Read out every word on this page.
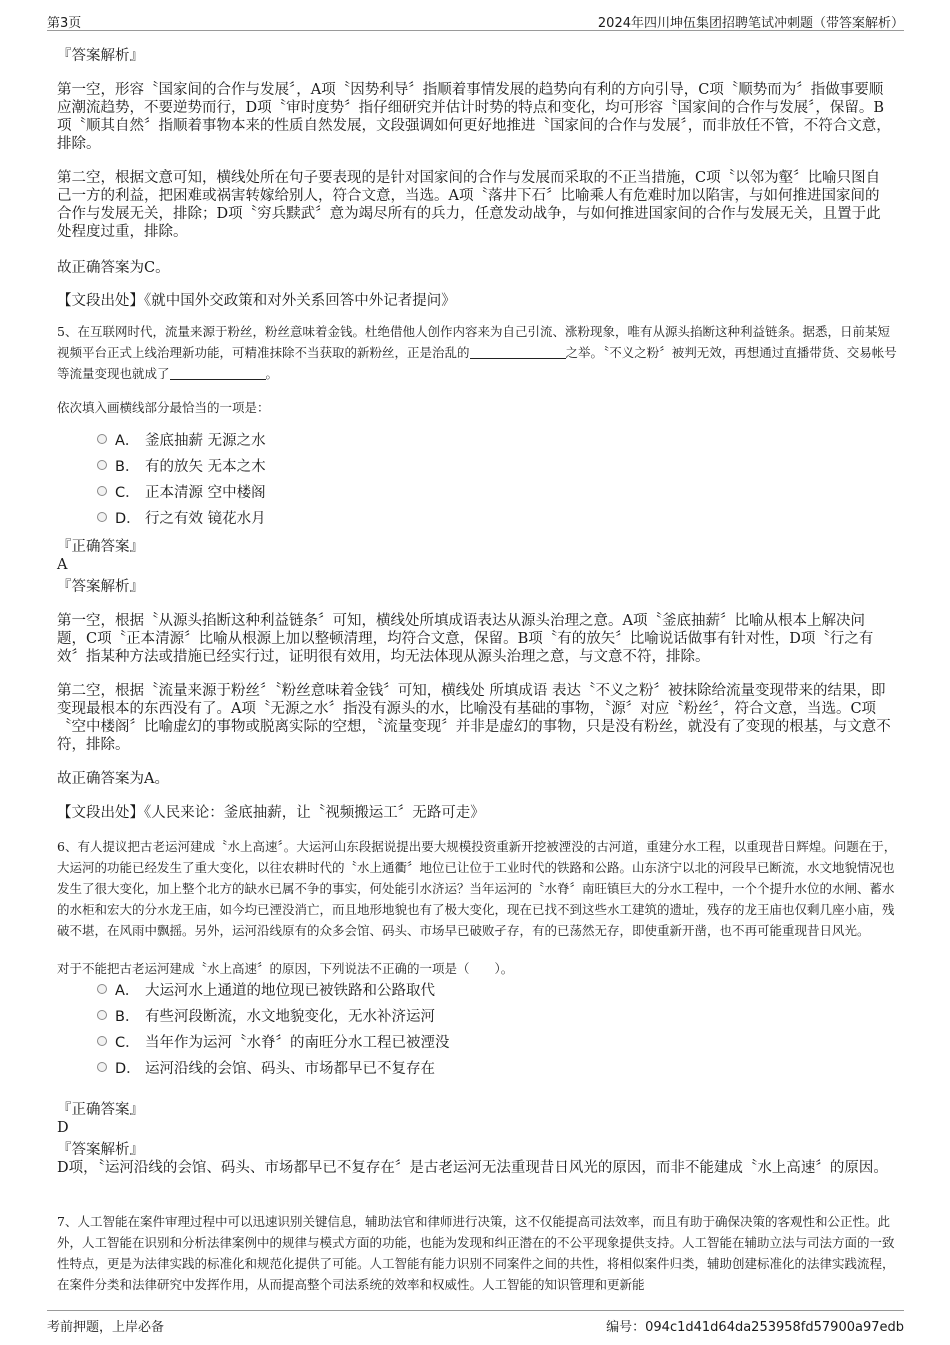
第3页	2024年四川坤伍集团招聘笔试冲刺题（带答案解析）
『答案解析』
第一空，形容〝国家间的合作与发展〞，A项〝因势利导〞指顺着事情发展的趋势向有利的方向引导，C项〝顺势而为〞指做事要顺应潮流趋势，不要逆势而行，D项〝审时度势〞指仔细研究并估计时势的特点和变化，均可形容〝国家间的合作与发展〞，保留。B项〝顺其自然〞指顺着事物本来的性质自然发展，文段强调如何更好地推进〝国家间的合作与发展〞，而非放任不管，不符合文意，排除。
第二空，根据文意可知，横线处所在句子要表现的是针对国家间的合作与发展而采取的不正当措施，C项〝以邻为壑〞比喻只图自己一方的利益，把困难或祸害转嫁给别人，符合文意，当选。A项〝落井下石〞比喻乘人有危难时加以陷害，与如何推进国家间的合作与发展无关，排除；D项〝穷兵黩武〞意为竭尽所有的兵力，任意发动战争，与如何推进国家间的合作与发展无关，且置于此处程度过重，排除。
故正确答案为C。
【文段出处】《就中国外交政策和对外关系回答中外记者提问》
5、在互联网时代，流量来源于粉丝，粉丝意味着金钱。杜绝借他人创作内容来为自己引流、涨粉现象，唯有从源头掐断这种利益链条。据悉，日前某短视频平台正式上线治理新功能，可精准抹除不当获取的新粉丝，正是治乱的	之举。〝不义之粉〞被判无效，再想通过直播带货、交易帐号等流量变现也就成了	。
依次填入画横线部分最恰当的一项是：
A． 釜底抽薪 无源之水
B． 有的放矢 无本之木
C． 正本清源 空中楼阁
D． 行之有效 镜花水月
『正确答案』
A
『答案解析』
第一空，根据〝从源头掐断这种利益链条〞可知，横线处所填成语表达从源头治理之意。A项〝釜底抽薪〞比喻从根本上解决问题，C项〝正本清源〞比喻从根源上加以整顿清理，均符合文意，保留。B项〝有的放矢〞比喻说话做事有针对性，D项〝行之有效〞指某种方法或措施已经实行过，证明很有效用，均无法体现从源头治理之意，与文意不符，排除。
第二空，根据〝流量来源于粉丝〞〝粉丝意味着金钱〞可知，横线处 所填成语 表达〝不义之粉〞被抹除给流量变现带来的结果，即变现最根本的东西没有了。A项〝无源之水〞指没有源头的水，比喻没有基础的事物，〝源〞对应〝粉丝〞，符合文意，当选。C项〝空中楼阁〞比喻虚幻的事物或脱离实际的空想，〝流量变现〞并非是虚幻的事物，只是没有粉丝，就没有了变现的根基，与文意不符，排除。
故正确答案为A。
【文段出处】《人民来论：釜底抽薪，让〝视频搬运工〞无路可走》
6、有人提议把古老运河建成〝水上高速〞。大运河山东段据说提出要大规模投资重新开挖被湮没的古河道，重建分水工程，以重现昔日辉煌。问题在于，大运河的功能已经发生了重大变化，以往农耕时代的〝水上通衢〞地位已让位于工业时代的铁路和公路。山东济宁以北的河段早已断流，水文地貌情况也发生了很大变化，加上整个北方的缺水已属不争的事实，何处能引水济运？当年运河的〝水脊〞南旺镇巨大的分水工程中，一个个提升水位的水闸、蓄水的水柜和宏大的分水龙王庙，如今均已湮没消亡，而且地形地貌也有了极大变化，现在已找不到这些水工建筑的遗址，残存的龙王庙也仅剩几座小庙，残破不堪，在风雨中飘摇。另外，运河沿线原有的众多会馆、码头、市场早已破败孑存，有的已荡然无存，即使重新开凿，也不再可能重现昔日风光。
对于不能把古老运河建成〝水上高速〞的原因，下列说法不正确的一项是（　　）。
A． 大运河水上通道的地位现已被铁路和公路取代
B． 有些河段断流，水文地貌变化，无水补济运河
C． 当年作为运河〝水脊〞的南旺分水工程已被湮没
D． 运河沿线的会馆、码头、市场都早已不复存在
『正确答案』
D
『答案解析』
D项，〝运河沿线的会馆、码头、市场都早已不复存在〞是古老运河无法重现昔日风光的原因，而非不能建成〝水上高速〞的原因。
7、人工智能在案件审理过程中可以迅速识别关键信息，辅助法官和律师进行决策，这不仅能提高司法效率，而且有助于确保决策的客观性和公正性。此外，人工智能在识别和分析法律案例中的规律与模式方面的功能，也能为发现和纠正潜在的不公平现象提供支持。人工智能在辅助立法与司法方面的一致性特点，更是为法律实践的标准化和规范化提供了可能。人工智能有能力识别不同案件之间的共性，将相似案件归类，辅助创建标准化的法律实践流程，在案件分类和法律研究中发挥作用，从而提高整个司法系统的效率和权威性。人工智能的知识管理和更新能
考前押题，上岸必备	编号：094c1d41d64da253958fd57900a97edb
